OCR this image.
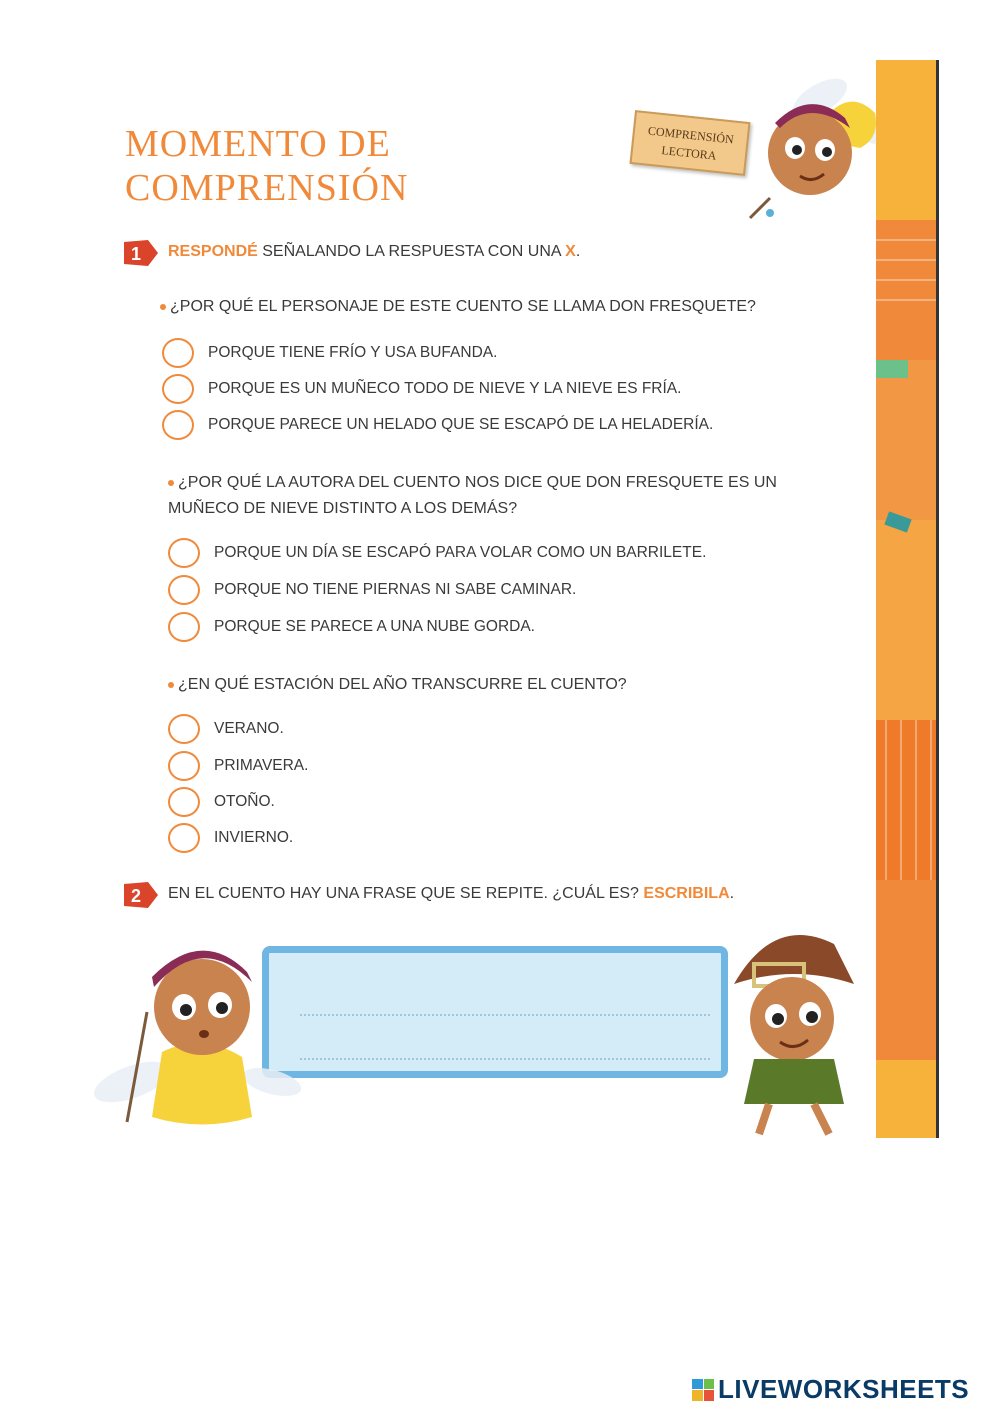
MOMENTO DE
COMPRENSIÓN
COMPRENSIÓN
LECTORA
1 RESPONDÉ SEÑALANDO LA RESPUESTA CON UNA X.
¿POR QUÉ EL PERSONAJE DE ESTE CUENTO SE LLAMA DON FRESQUETE?
PORQUE TIENE FRÍO Y USA BUFANDA.
PORQUE ES UN MUÑECO TODO DE NIEVE Y LA NIEVE ES FRÍA.
PORQUE PARECE UN HELADO QUE SE ESCAPÓ DE LA HELADERÍA.
¿POR QUÉ LA AUTORA DEL CUENTO NOS DICE QUE DON FRESQUETE ES UN
MUÑECO DE NIEVE DISTINTO A LOS DEMÁS?
PORQUE UN DÍA SE ESCAPÓ PARA VOLAR COMO UN BARRILETE.
PORQUE NO TIENE PIERNAS NI SABE CAMINAR.
PORQUE SE PARECE A UNA NUBE GORDA.
¿EN QUÉ ESTACIÓN DEL AÑO TRANSCURRE EL CUENTO?
VERANO.
PRIMAVERA.
OTOÑO.
INVIERNO.
2 EN EL CUENTO HAY UNA FRASE QUE SE REPITE. ¿CUÁL ES? ESCRIBILA.
LIVEWORKSHEETS
